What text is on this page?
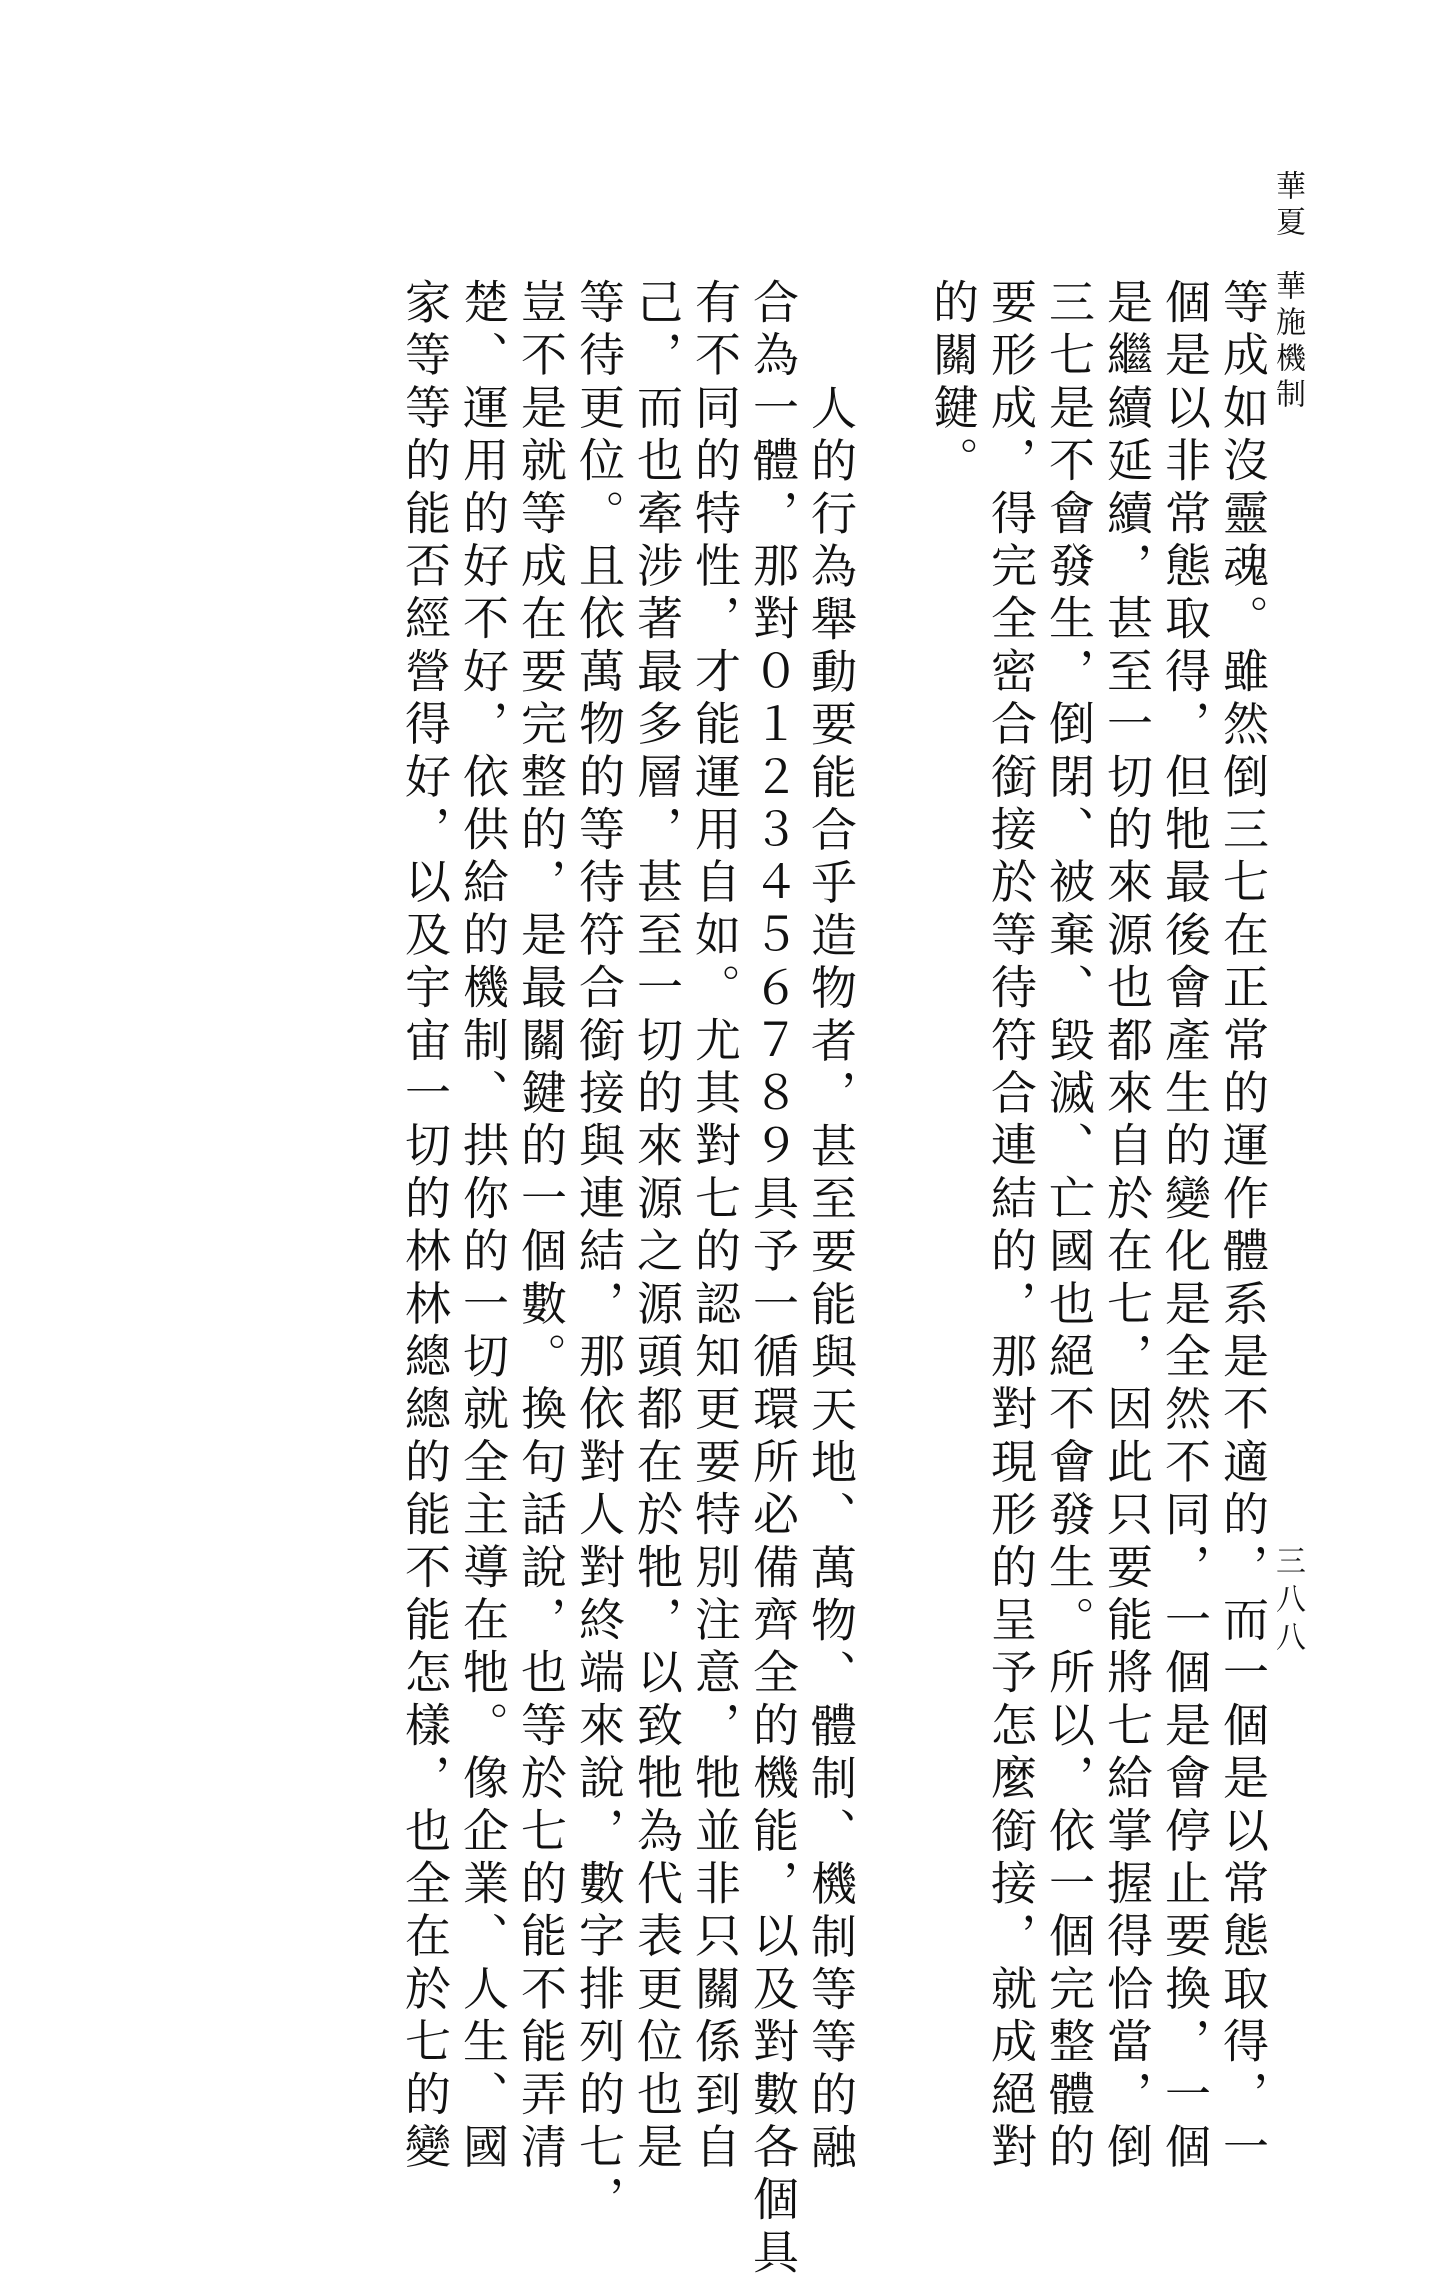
華夏華施機制
三八八
等成如沒靈魂。雖然倒三七在正常的運作體系是不適的，而一個是以常態取得，一
個是以非常態取得，但牠最後會產生的變化是全然不同，一個是會停止要換，一個
是繼續延續，甚至一切的來源也都來自於在七，因此只要能將七給掌握得恰當，倒
三七是不會發生，倒閉、被棄、毀滅、亡國也絕不會發生。所以，依一個完整體的
要形成，得完全密合銜接於等待符合連結的，那對現形的呈予怎麼銜接，就成絕對
的關鍵。
人的行為舉動要能合乎造物者，甚至要能與天地、萬物、體制、機制等等的融
合為一體，那對０１２３４５６７８９具予一循環所必備齊全的機能，以及對數各個具
有不同的特性，才能運用自如。尤其對七的認知更要特別注意，牠並非只關係到自
己，而也牽涉著最多層，甚至一切的來源之源頭都在於牠，以致牠為代表更位也是
等待更位。且依萬物的等待符合銜接與連結，那依對人對終端來說，數字排列的七，
豈不是就等成在要完整的，是最關鍵的一個數。換句話說，也等於七的能不能弄清
楚、運用的好不好，依供給的機制、拱你的一切就全主導在牠。像企業、人生、國
家等等的能否經營得好，以及宇宙一切的林林總總的能不能怎樣，也全在於七的變
